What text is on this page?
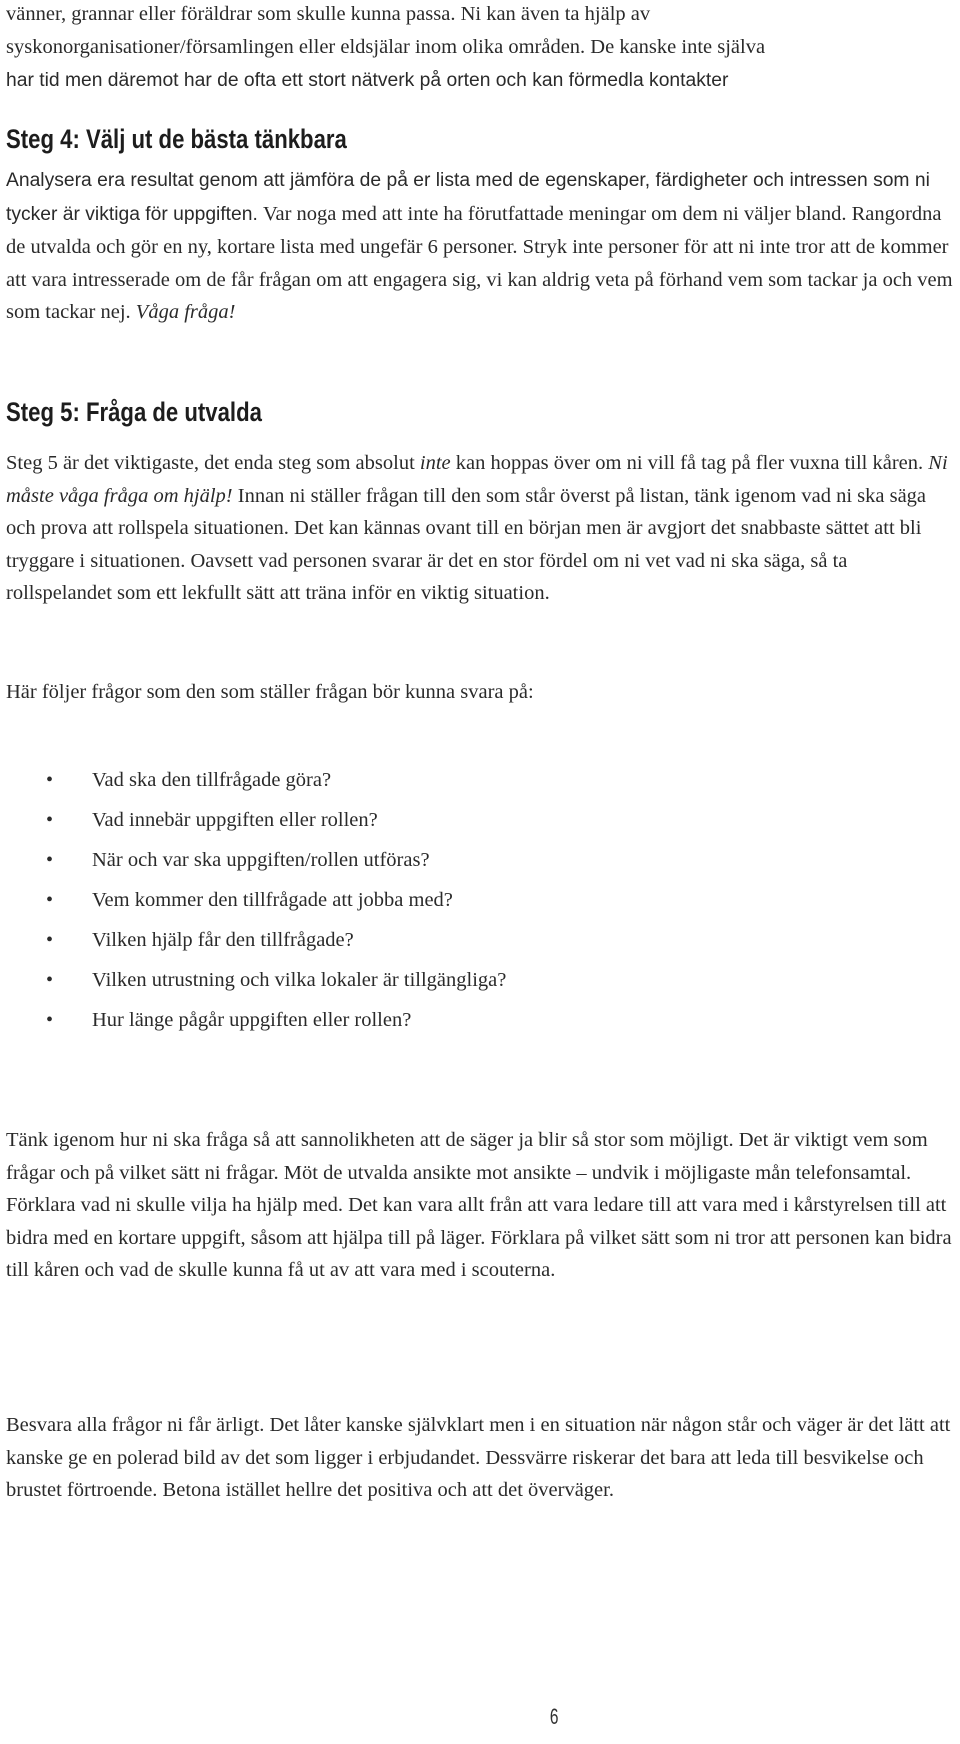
vänner, grannar eller föräldrar som skulle kunna passa. Ni kan även ta hjälp av
syskonorganisationer/församlingen eller eldsjälar inom olika områden. De kanske inte själva
har tid men däremot har de ofta ett stort nätverk på orten och kan förmedla kontakter

Steg 4: Välj ut de bästa tänkbara

Analysera era resultat genom att jämföra de på er lista med de egenskaper, färdigheter och intressen som ni tycker är viktiga för uppgiften. Var noga med att inte ha förutfattade meningar om dem ni väljer bland. Rangordna de utvalda och gör en ny, kortare lista med ungefär 6 personer. Stryk inte personer för att ni inte tror att de kommer att vara intresserade om de får frågan om att engagera sig, vi kan aldrig veta på förhand vem som tackar ja och vem som tackar nej. Våga fråga!

Steg 5: Fråga de utvalda

Steg 5 är det viktigaste, det enda steg som absolut inte kan hoppas över om ni vill få tag på fler vuxna till kåren. Ni måste våga fråga om hjälp! Innan ni ställer frågan till den som står överst på listan, tänk igenom vad ni ska säga och prova att rollspela situationen. Det kan kännas ovant till en början men är avgjort det snabbaste sättet att bli tryggare i situationen. Oavsett vad personen svarar är det en stor fördel om ni vet vad ni ska säga, så ta rollspelandet som ett lekfullt sätt att träna inför en viktig situation.

Här följer frågor som den som ställer frågan bör kunna svara på:

• Vad ska den tillfrågade göra?
• Vad innebär uppgiften eller rollen?
• När och var ska uppgiften/rollen utföras?
• Vem kommer den tillfrågade att jobba med?
• Vilken hjälp får den tillfrågade?
• Vilken utrustning och vilka lokaler är tillgängliga?
• Hur länge pågår uppgiften eller rollen?

Tänk igenom hur ni ska fråga så att sannolikheten att de säger ja blir så stor som möjligt. Det är viktigt vem som frågar och på vilket sätt ni frågar. Möt de utvalda ansikte mot ansikte – undvik i möjligaste mån telefonsamtal. Förklara vad ni skulle vilja ha hjälp med. Det kan vara allt från att vara ledare till att vara med i kårstyrelsen till att bidra med en kortare uppgift, såsom att hjälpa till på läger. Förklara på vilket sätt som ni tror att personen kan bidra till kåren och vad de skulle kunna få ut av att vara med i scouterna.

Besvara alla frågor ni får ärligt. Det låter kanske självklart men i en situation när någon står och väger är det lätt att kanske ge en polerad bild av det som ligger i erbjudandet. Dessvärre riskerar det bara att leda till besvikelse och brustet förtroende. Betona istället hellre det positiva och att det överväger.

6
